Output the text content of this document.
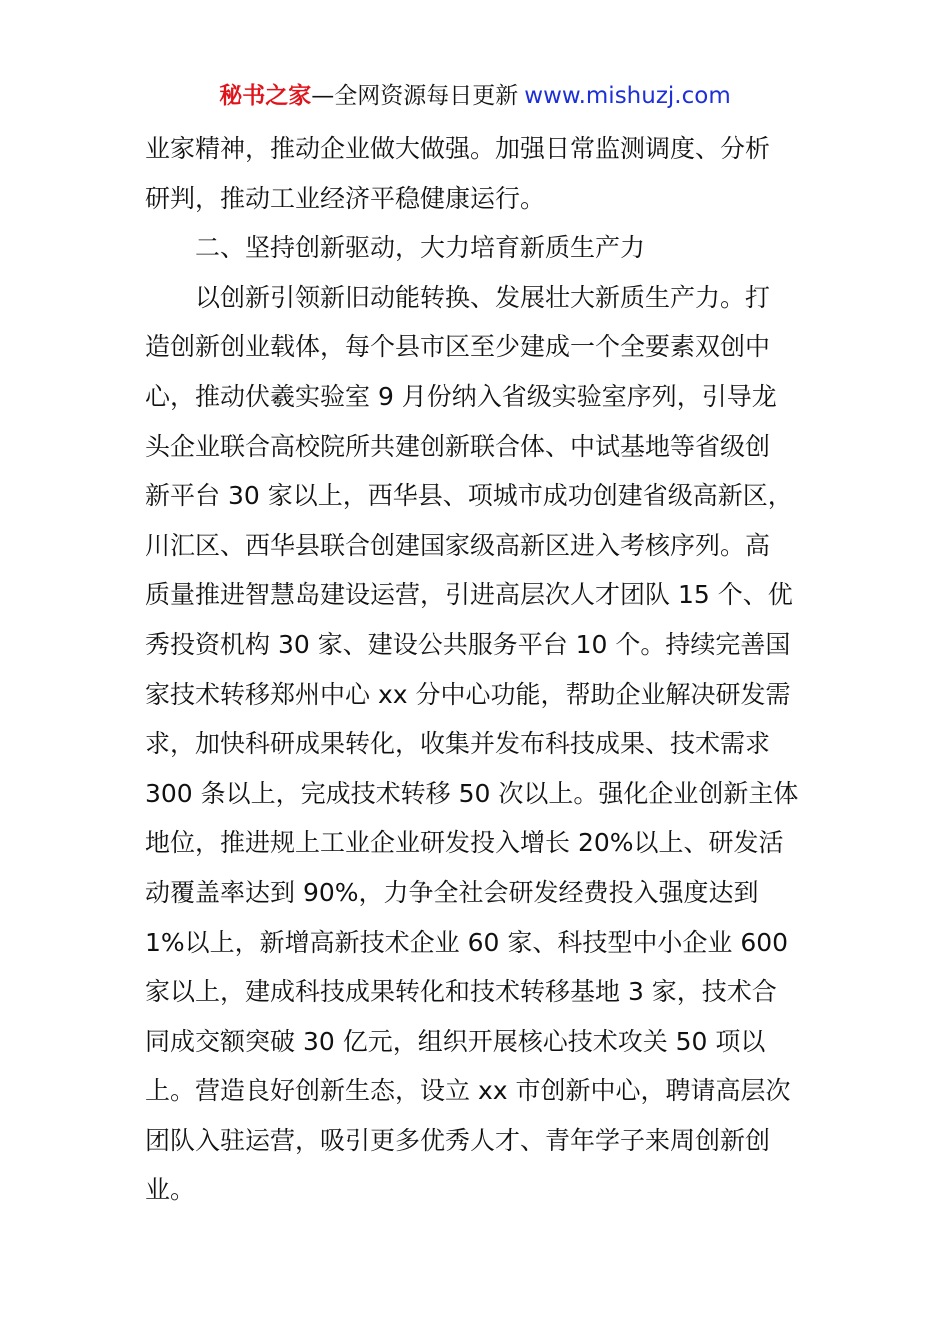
秘书之家—全网资源每日更新 www.mishuzj.com
业家精神，推动企业做大做强。加强日常监测调度、分析
研判，推动工业经济平稳健康运行。
二、坚持创新驱动，大力培育新质生产力
以创新引领新旧动能转换、发展壮大新质生产力。打
造创新创业载体，每个县市区至少建成一个全要素双创中
心，推动伏羲实验室 9 月份纳入省级实验室序列，引导龙
头企业联合高校院所共建创新联合体、中试基地等省级创
新平台 30 家以上，西华县、项城市成功创建省级高新区，
川汇区、西华县联合创建国家级高新区进入考核序列。高
质量推进智慧岛建设运营，引进高层次人才团队 15 个、优
秀投资机构 30 家、建设公共服务平台 10 个。持续完善国
家技术转移郑州中心 xx 分中心功能，帮助企业解决研发需
求，加快科研成果转化，收集并发布科技成果、技术需求
300 条以上，完成技术转移 50 次以上。强化企业创新主体
地位，推进规上工业企业研发投入增长 20%以上、研发活
动覆盖率达到 90%，力争全社会研发经费投入强度达到
1%以上，新增高新技术企业 60 家、科技型中小企业 600
家以上，建成科技成果转化和技术转移基地 3 家，技术合
同成交额突破 30 亿元，组织开展核心技术攻关 50 项以
上。营造良好创新生态，设立 xx 市创新中心，聘请高层次
团队入驻运营，吸引更多优秀人才、青年学子来周创新创
业。
